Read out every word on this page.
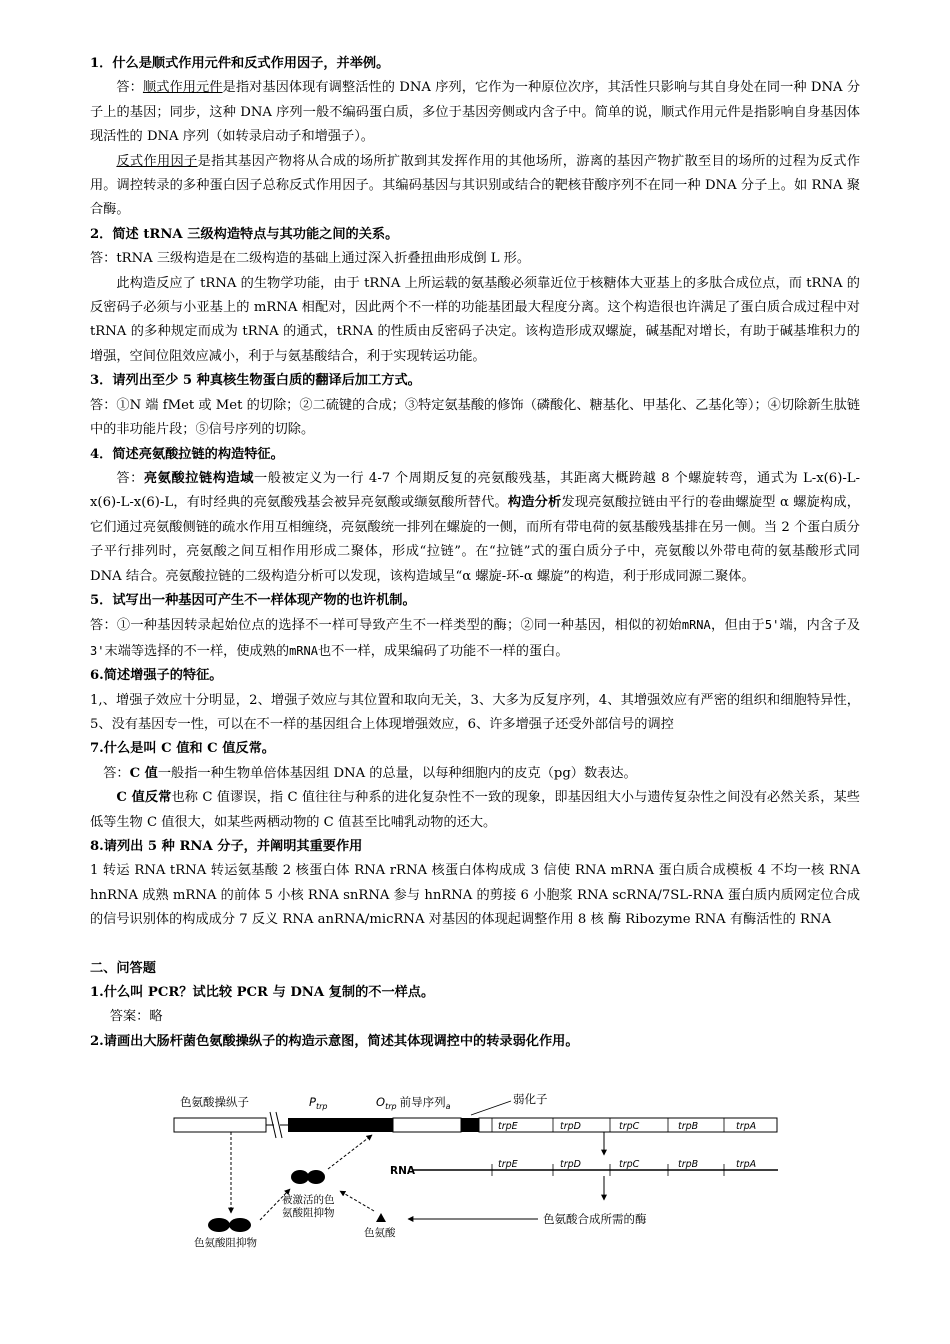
1．什么是顺式作用元件和反式作用因子，并举例。

答：顺式作用元件是指对基因体现有调整活性的 DNA 序列，它作为一种原位次序，其活性只影响与其自身处在同一种 DNA 分子上的基因；同步，这种 DNA 序列一般不编码蛋白质，多位于基因旁侧或内含子中。简单的说，顺式作用元件是指影响自身基因体现活性的 DNA 序列（如转录启动子和增强子）。

反式作用因子是指其基因产物将从合成的场所扩散到其发挥作用的其他场所，游离的基因产物扩散至目的场所的过程为反式作用。调控转录的多种蛋白因子总称反式作用因子。其编码基因与其识别或结合的靶核苷酸序列不在同一种 DNA 分子上。如 RNA 聚合酶。

2．简述 tRNA 三级构造特点与其功能之间的关系。

答：tRNA 三级构造是在二级构造的基础上通过深入折叠扭曲形成倒 L 形。

此构造反应了 tRNA 的生物学功能，由于 tRNA 上所运载的氨基酸必须靠近位于核糖体大亚基上的多肽合成位点，而 tRNA 的反密码子必须与小亚基上的 mRNA 相配对，因此两个不一样的功能基团最大程度分离。这个构造很也许满足了蛋白质合成过程中对 tRNA 的多种规定而成为 tRNA 的通式，tRNA 的性质由反密码子决定。该构造形成双螺旋，碱基配对增长，有助于碱基堆积力的增强，空间位阻效应减小，利于与氨基酸结合，利于实现转运功能。

3．请列出至少 5 种真核生物蛋白质的翻译后加工方式。

答：①N 端 fMet 或 Met 的切除；②二硫键的合成；③特定氨基酸的修饰（磷酸化、糖基化、甲基化、乙基化等）；④切除新生肽链中的非功能片段；⑤信号序列的切除。

4．简述亮氨酸拉链的构造特征。

答：亮氨酸拉链构造域一般被定义为一行 4-7 个周期反复的亮氨酸残基，其距离大概跨越 8 个螺旋转弯，通式为 L-x(6)-L-x(6)-L-x(6)-L，有时经典的亮氨酸残基会被异亮氨酸或缬氨酸所替代。构造分析发现亮氨酸拉链由平行的卷曲螺旋型 α 螺旋构成，它们通过亮氨酸侧链的疏水作用互相缠绕，亮氨酸统一排列在螺旋的一侧，而所有带电荷的氨基酸残基排在另一侧。当 2 个蛋白质分子平行排列时，亮氨酸之间互相作用形成二聚体，形成“拉链”。在“拉链”式的蛋白质分子中，亮氨酸以外带电荷的氨基酸形式同 DNA 结合。亮氨酸拉链的二级构造分析可以发现，该构造域呈“α 螺旋-环-α 螺旋”的构造，利于形成同源二聚体。

5．试写出一种基因可产生不一样体现产物的也许机制。

答：①一种基因转录起始位点的选择不一样可导致产生不一样类型的酶；②同一种基因，相似的初始mRNA，但由于5'端，内含子及3'末端等选择的不一样，使成熟的mRNA也不一样，成果编码了功能不一样的蛋白。

6.简述增强子的特征。

1,、增强子效应十分明显，2、增强子效应与其位置和取向无关，3、大多为反复序列，4、其增强效应有严密的组织和细胞特异性，5、没有基因专一性，可以在不一样的基因组合上体现增强效应，6、许多增强子还受外部信号的调控

7.什么是叫 C 值和 C 值反常。

答：C 值一般指一种生物单倍体基因组 DNA 的总量，以每种细胞内的皮克（pg）数表达。

C 值反常也称 C 值谬误，指 C 值往往与种系的进化复杂性不一致的现象，即基因组大小与遗传复杂性之间没有必然关系，某些低等生物 C 值很大，如某些两栖动物的 C 值甚至比哺乳动物的还大。

8.请列出 5 种 RNA 分子，并阐明其重要作用

1 转运 RNA tRNA 转运氨基酸 2 核蛋白体 RNA rRNA 核蛋白体构成成 3 信使 RNA mRNA 蛋白质合成模板 4 不均一核 RNA hnRNA 成熟 mRNA 的前体 5 小核 RNA snRNA 参与 hnRNA 的剪接 6 小胞浆 RNA scRNA/7SL-RNA 蛋白质内质网定位合成的信号识别体的构成成分 7 反义 RNA anRNA/micRNA 对基因的体现起调整作用 8 核 酶 Ribozyme RNA 有酶活性的 RNA

二、问答题

1.什么叫 PCR？试比较 PCR 与 DNA 复制的不一样点。

答案：略

2.请画出大肠杆菌色氨酸操纵子的构造示意图，简述其体现调控中的转录弱化作用。

色氨酸操纵子	$P_{trp}$	$O_{trp}$ 前导序列$_a$
弱化子
trpE	trpD	trpC	trpB	trpA
RNA
trpE	trpD	trpC	trpB	trpA
色氨酸合成所需的酶
被激活的色
氨酸阻抑物
色氨酸阻抑物
色氨酸
